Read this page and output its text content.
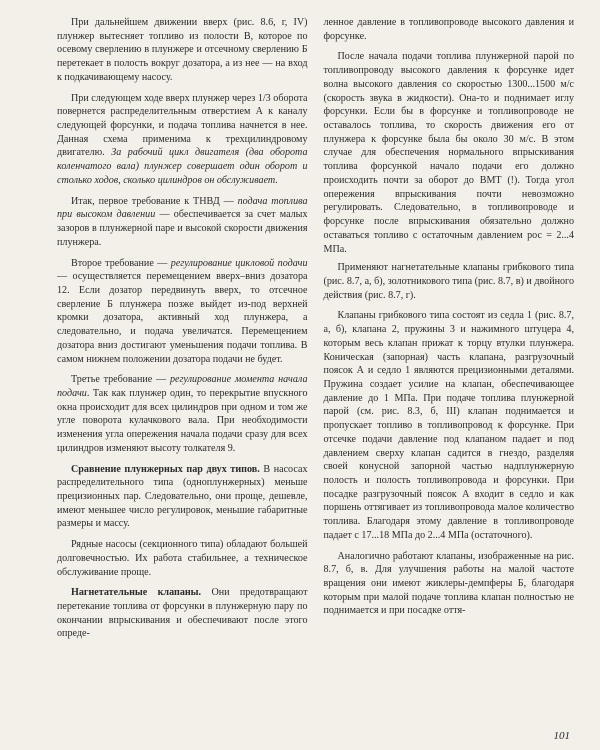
При дальнейшем движении вверх (рис. 8.6, г, IV) плунжер вытесняет топливо из полости В, которое по осевому сверлению в плунжере и отсечному сверлению Б перетекает в полость вокруг дозатора, а из нее — на вход к подкачивающему насосу.

При следующем ходе вверх плунжер через 1/3 оборота повернется распределительным отверстием А к каналу следующей форсунки, и подача топлива начнется в нее. Данная схема применима к трехцилиндровому двигателю. За рабочий цикл двигателя (два оборота коленчатого вала) плунжер совершает один оборот и столько ходов, сколько цилиндров он обслуживает.

Итак, первое требование к ТНВД — подача топлива при высоком давлении — обеспечивается за счет малых зазоров в плунжерной паре и высокой скорости движения плунжера.

Второе требование — регулирование цикловой подачи — осуществляется перемещением вверх–вниз дозатора 12. Если дозатор передвинуть вверх, то отсечное сверление Б плунжера позже выйдет из-под верхней кромки дозатора, активный ход плунжера, а следовательно, и подача увеличатся. Перемещением дозатора вниз достигают уменьшения подачи топлива. В самом нижнем положении дозатора подачи не будет.

Третье требование — регулирование момента начала подачи. Так как плунжер один, то перекрытие впускного окна происходит для всех цилиндров при одном и том же угле поворота кулачкового вала. При необходимости изменения угла опережения начала подачи сразу для всех цилиндров изменяют высоту толкателя 9.

Сравнение плунжерных пар двух типов. В насосах распределительного типа (одноплунжерных) меньше прецизионных пар. Следовательно, они проще, дешевле, имеют меньшее число регулировок, меньшие габаритные размеры и массу.

Рядные насосы (секционного типа) обладают большей долговечностью. Их работа стабильнее, а техническое обслуживание проще.

Нагнетательные клапаны. Они предотвращают перетекание топлива от форсунки в плунжерную пару по окончании впрыскивания и обеспечивают после этого опреде-

ленное давление в топливопроводе высокого давления и форсунке.

После начала подачи топлива плунжерной парой по топливопроводу высокого давления к форсунке идет волна высокого давления со скоростью 1300...1500 м/с (скорость звука в жидкости). Она-то и поднимает иглу форсунки. Если бы в форсунке и топливопроводе не оставалось топлива, то скорость движения его от плунжера к форсунке была бы около 30 м/с. В этом случае для обеспечения нормального впрыскивания топлива форсункой начало подачи его должно происходить почти за оборот до ВМТ (!). Тогда угол опережения впрыскивания почти невозможно регулировать. Следовательно, в топливопроводе и форсунке после впрыскивания обязательно должно оставаться топливо с остаточным давлением pос = 2...4 МПа.

Применяют нагнетательные клапаны грибкового типа (рис. 8.7, а, б), золотникового типа (рис. 8.7, в) и двойного действия (рис. 8.7, г).

Клапаны грибкового типа состоят из седла 1 (рис. 8.7, а, б), клапана 2, пружины 3 и нажимного штуцера 4, которым весь клапан прижат к торцу втулки плунжера. Коническая (запорная) часть клапана, разгрузочный поясок А и седло 1 являются прецизионными деталями. Пружина создает усилие на клапан, обеспечивающее давление до 1 МПа. При подаче топлива плунжерной парой (см. рис. 8.3, б, III) клапан поднимается и пропускает топливо в топливопровод к форсунке. При отсечке подачи давление под клапаном падает и под давлением сверху клапан садится в гнездо, разделяя своей конусной запорной частью надплунжерную полость и полость топливопровода и форсунки. При посадке разгрузочный поясок А входит в седло и как поршень оттягивает из топливопровода малое количество топлива. Благодаря этому давление в топливопроводе падает с 17...18 МПа до 2...4 МПа (остаточного).

Аналогично работают клапаны, изображенные на рис. 8.7, б, в. Для улучшения работы на малой частоте вращения они имеют жиклеры-демпферы Б, благодаря которым при малой подаче топлива клапан полностью не поднимается и при посадке оття-

101
